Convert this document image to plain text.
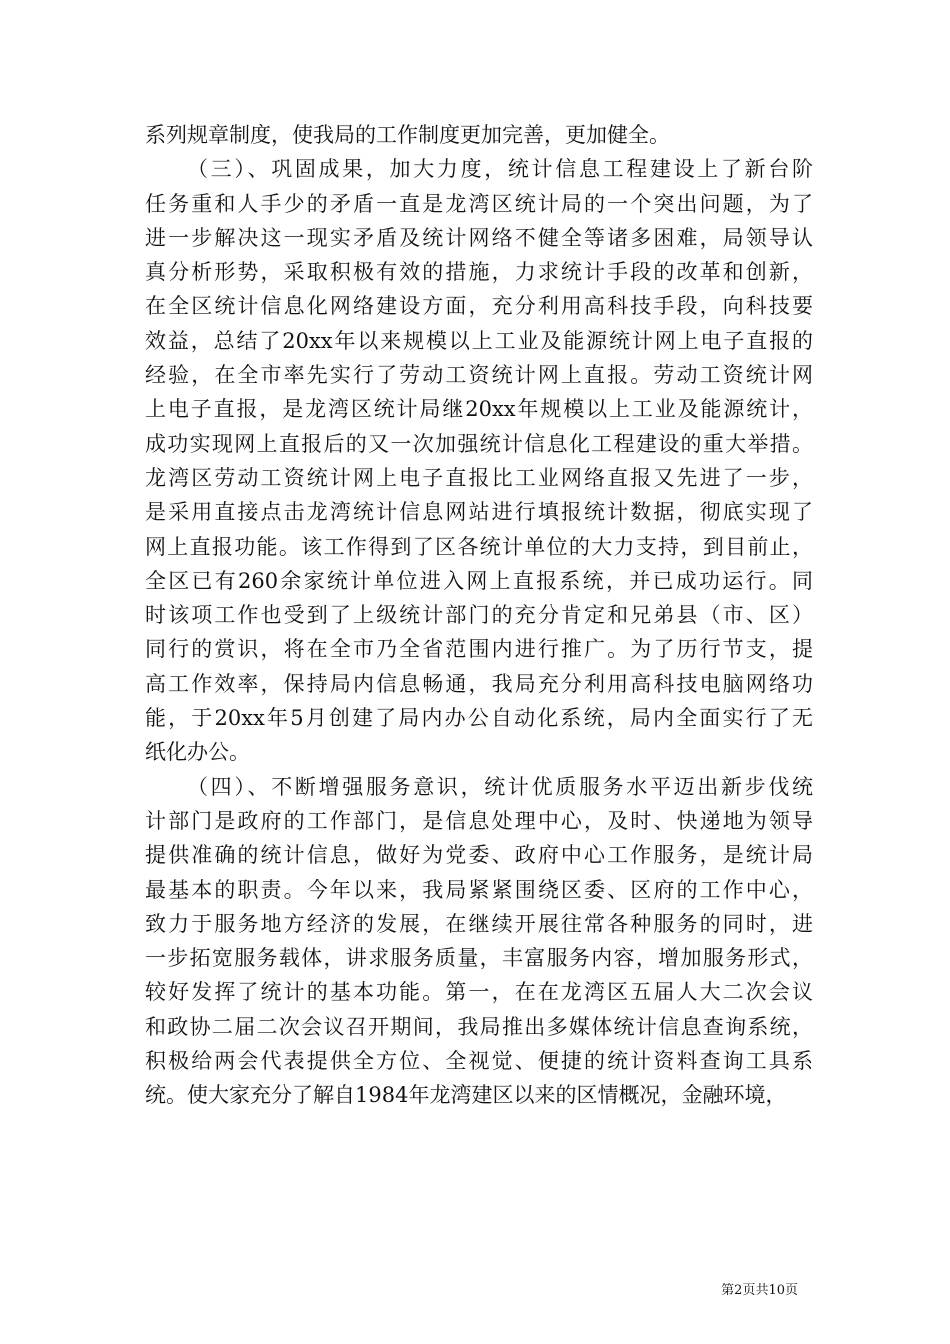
系列规章制度，使我局的工作制度更加完善，更加健全。
（三）、巩固成果，加大力度，统计信息工程建设上了新台阶
任务重和人手少的矛盾一直是龙湾区统计局的一个突出问题，为了
进一步解决这一现实矛盾及统计网络不健全等诸多困难，局领导认
真分析形势，采取积极有效的措施，力求统计手段的改革和创新，
在全区统计信息化网络建设方面，充分利用高科技手段，向科技要
效益，总结了20xx年以来规模以上工业及能源统计网上电子直报的
经验，在全市率先实行了劳动工资统计网上直报。劳动工资统计网
上电子直报，是龙湾区统计局继20xx年规模以上工业及能源统计，
成功实现网上直报后的又一次加强统计信息化工程建设的重大举措。
龙湾区劳动工资统计网上电子直报比工业网络直报又先进了一步，
是采用直接点击龙湾统计信息网站进行填报统计数据，彻底实现了
网上直报功能。该工作得到了区各统计单位的大力支持，到目前止，
全区已有260余家统计单位进入网上直报系统，并已成功运行。同
时该项工作也受到了上级统计部门的充分肯定和兄弟县（市、区）
同行的赏识，将在全市乃全省范围内进行推广。为了历行节支，提
高工作效率，保持局内信息畅通，我局充分利用高科技电脑网络功
能，于20xx年5月创建了局内办公自动化系统，局内全面实行了无
纸化办公。
（四）、不断增强服务意识，统计优质服务水平迈出新步伐统
计部门是政府的工作部门，是信息处理中心，及时、快递地为领导
提供准确的统计信息，做好为党委、政府中心工作服务，是统计局
最基本的职责。今年以来，我局紧紧围绕区委、区府的工作中心，
致力于服务地方经济的发展，在继续开展往常各种服务的同时，进
一步拓宽服务载体，讲求服务质量，丰富服务内容，增加服务形式，
较好发挥了统计的基本功能。第一，在在龙湾区五届人大二次会议
和政协二届二次会议召开期间，我局推出多媒体统计信息查询系统，
积极给两会代表提供全方位、全视觉、便捷的统计资料查询工具系
统。使大家充分了解自1984年龙湾建区以来的区情概况，金融环境，
第2页共10页
